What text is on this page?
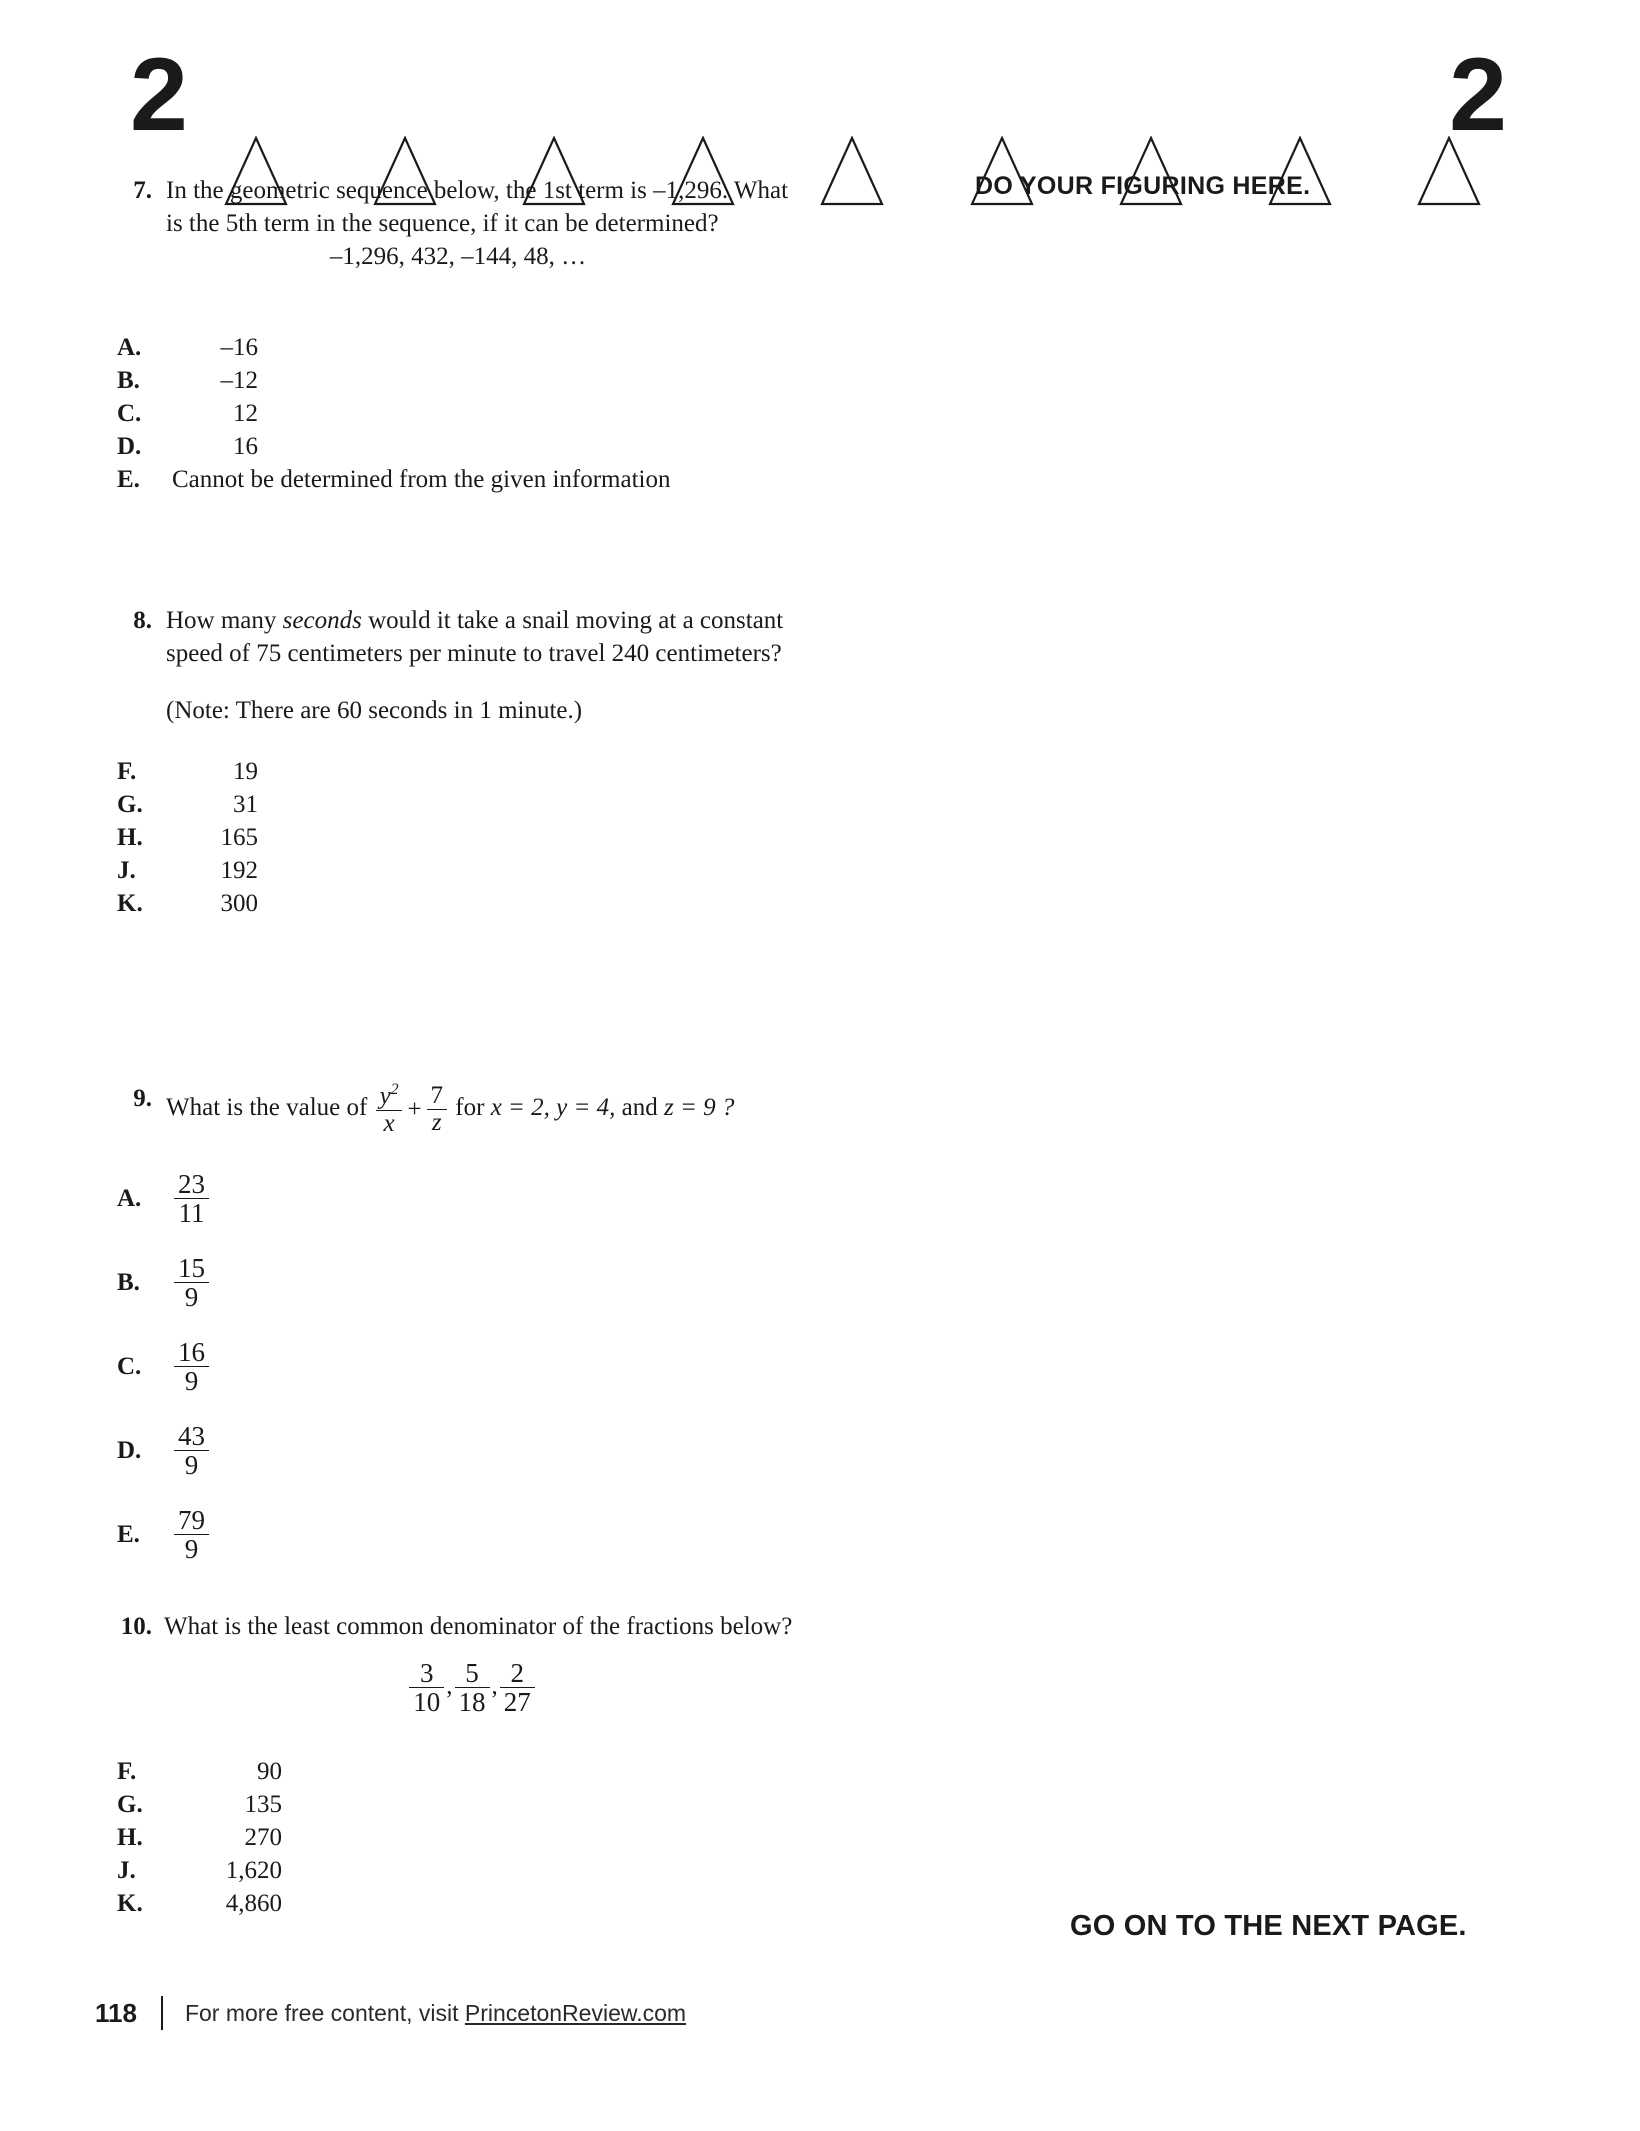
2	2
DO YOUR FIGURING HERE.
7. In the geometric sequence below, the 1st term is –1,296. What
is the 5th term in the sequence, if it can be determined?
–1,296, 432, –144, 48, …
A.	–16
B.	–12
C.	12
D.	16
E.	Cannot be determined from the given information
8. How many seconds would it take a snail moving at a constant
speed of 75 centimeters per minute to travel 240 centimeters?
(Note: There are 60 seconds in 1 minute.)
F.	19
G.	31
H.	165
J.	192
K.	300
9. What is the value of $\frac{y^2}{x} + \frac{7}{z}$ for x = 2, y = 4, and z = 9 ?
A.	$\frac{23}{11}$
B.	$\frac{15}{9}$
C.	$\frac{16}{9}$
D.	$\frac{43}{9}$
E.	$\frac{79}{9}$
10. What is the least common denominator of the fractions below?
$\frac{3}{10}$ , $\frac{5}{18}$ , $\frac{2}{27}$
F.	90
G.	135
H.	270
J.	1,620
K.	4,860
GO ON TO THE NEXT PAGE.
118 For more free content, visit PrincetonReview.com
